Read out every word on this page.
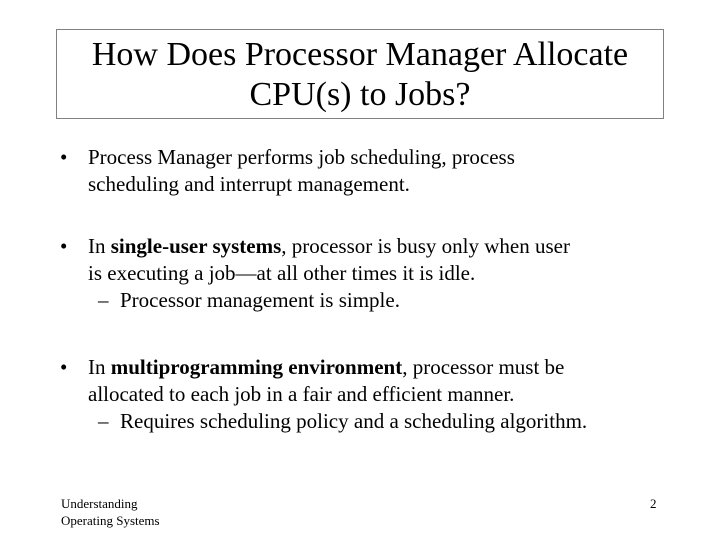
How Does Processor Manager Allocate
CPU(s) to Jobs?
• Process Manager performs job scheduling, process
scheduling and interrupt management.
• In single-user systems, processor is busy only when user
is executing a job—at all other times it is idle.
– Processor management is simple.
• In multiprogramming environment, processor must be
allocated to each job in a fair and efficient manner.
– Requires scheduling policy and a scheduling algorithm.
Understanding
Operating Systems
2
